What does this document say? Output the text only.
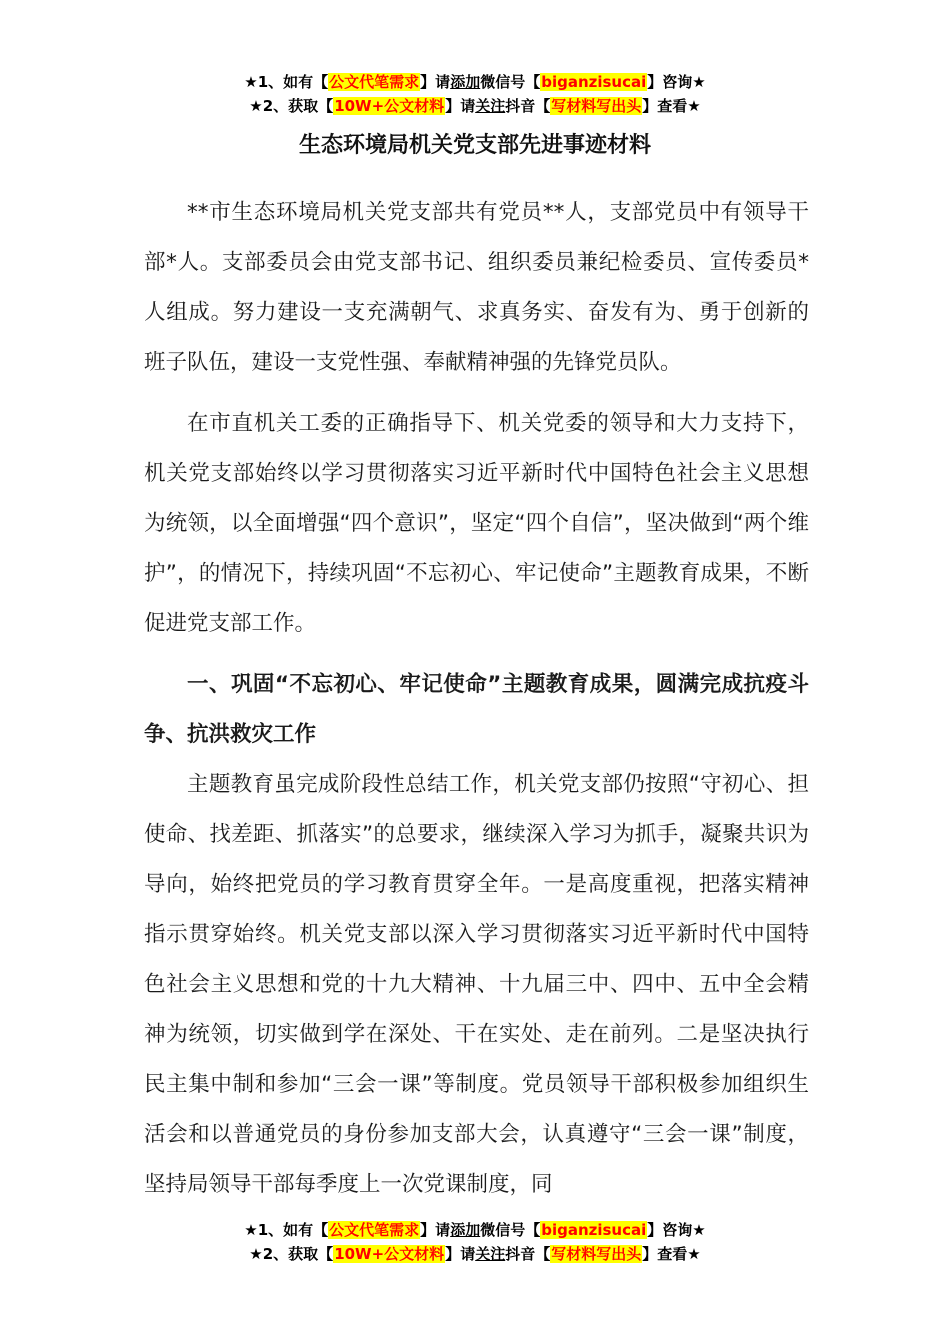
★1、如有【公文代笔需求】请添加微信号【biganzisucai】咨询★
★2、获取【10W+公文材料】请关注抖音【写材料写出头】查看★
生态环境局机关党支部先进事迹材料

**市生态环境局机关党支部共有党员**人，支部党员中有领导干部*人。支部委员会由党支部书记、组织委员兼纪检委员、宣传委员*人组成。努力建设一支充满朝气、求真务实、奋发有为、勇于创新的班子队伍，建设一支党性强、奉献精神强的先锋党员队。

在市直机关工委的正确指导下、机关党委的领导和大力支持下，机关党支部始终以学习贯彻落实习近平新时代中国特色社会主义思想为统领，以全面增强“四个意识”，坚定“四个自信”，坚决做到“两个维护”，的情况下，持续巩固“不忘初心、牢记使命”主题教育成果，不断促进党支部工作。

一、巩固“不忘初心、牢记使命”主题教育成果，圆满完成抗疫斗争、抗洪救灾工作

主题教育虽完成阶段性总结工作，机关党支部仍按照“守初心、担使命、找差距、抓落实”的总要求，继续深入学习为抓手，凝聚共识为导向，始终把党员的学习教育贯穿全年。一是高度重视，把落实精神指示贯穿始终。机关党支部以深入学习贯彻落实习近平新时代中国特色社会主义思想和党的十九大精神、十九届三中、四中、五中全会精神为统领，切实做到学在深处、干在实处、走在前列。二是坚决执行民主集中制和参加“三会一课”等制度。党员领导干部积极参加组织生活会和以普通党员的身份参加支部大会，认真遵守“三会一课”制度，坚持局领导干部每季度上一次党课制度，同

★1、如有【公文代笔需求】请添加微信号【biganzisucai】咨询★
★2、获取【10W+公文材料】请关注抖音【写材料写出头】查看★
